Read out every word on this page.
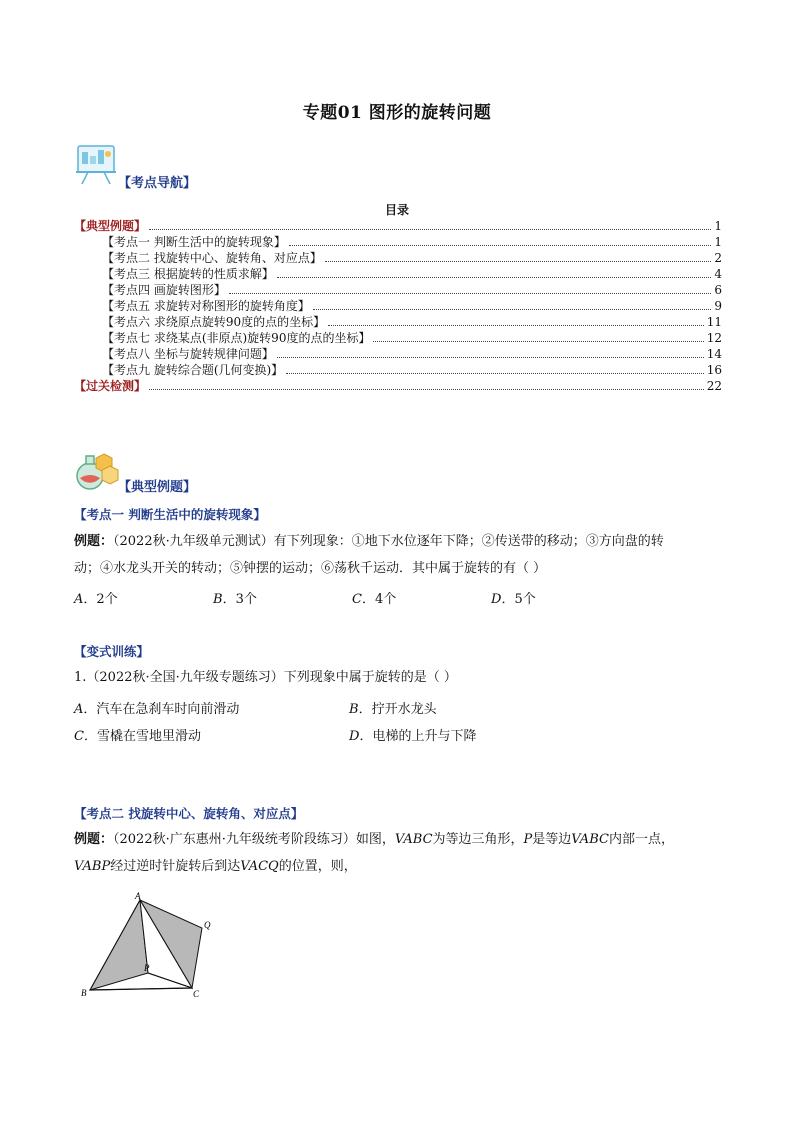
专题01 图形的旋转问题
【考点导航】
目录
【典型例题】	1
【考点一 判断生活中的旋转现象】	1
【考点二 找旋转中心、旋转角、对应点】	2
【考点三 根据旋转的性质求解】	4
【考点四 画旋转图形】	6
【考点五 求旋转对称图形的旋转角度】	9
【考点六 求绕原点旋转90度的点的坐标】	11
【考点七 求绕某点(非原点)旋转90度的点的坐标】	12
【考点八 坐标与旋转规律问题】	14
【考点九 旋转综合题(几何变换)】	16
【过关检测】	22
【典型例题】
【考点一 判断生活中的旋转现象】
例题：（2022秋·九年级单元测试）有下列现象：①地下水位逐年下降；②传送带的移动；③方向盘的转
动；④水龙头开关的转动；⑤钟摆的运动；⑥荡秋千运动．其中属于旋转的有（ ）
A．2个	B．3个	C．4个	D．5个
【变式训练】
1.（2022秋·全国·九年级专题练习）下列现象中属于旋转的是（ ）
A．汽车在急刹车时向前滑动	B．拧开水龙头
C．雪橇在雪地里滑动	D．电梯的上升与下降
【考点二 找旋转中心、旋转角、对应点】
例题：（2022秋·广东惠州·九年级统考阶段练习）如图，VABC为等边三角形，P是等边VABC内部一点，
VABP经过逆时针旋转后到达VACQ的位置，则，
A
B	C
P
Q
